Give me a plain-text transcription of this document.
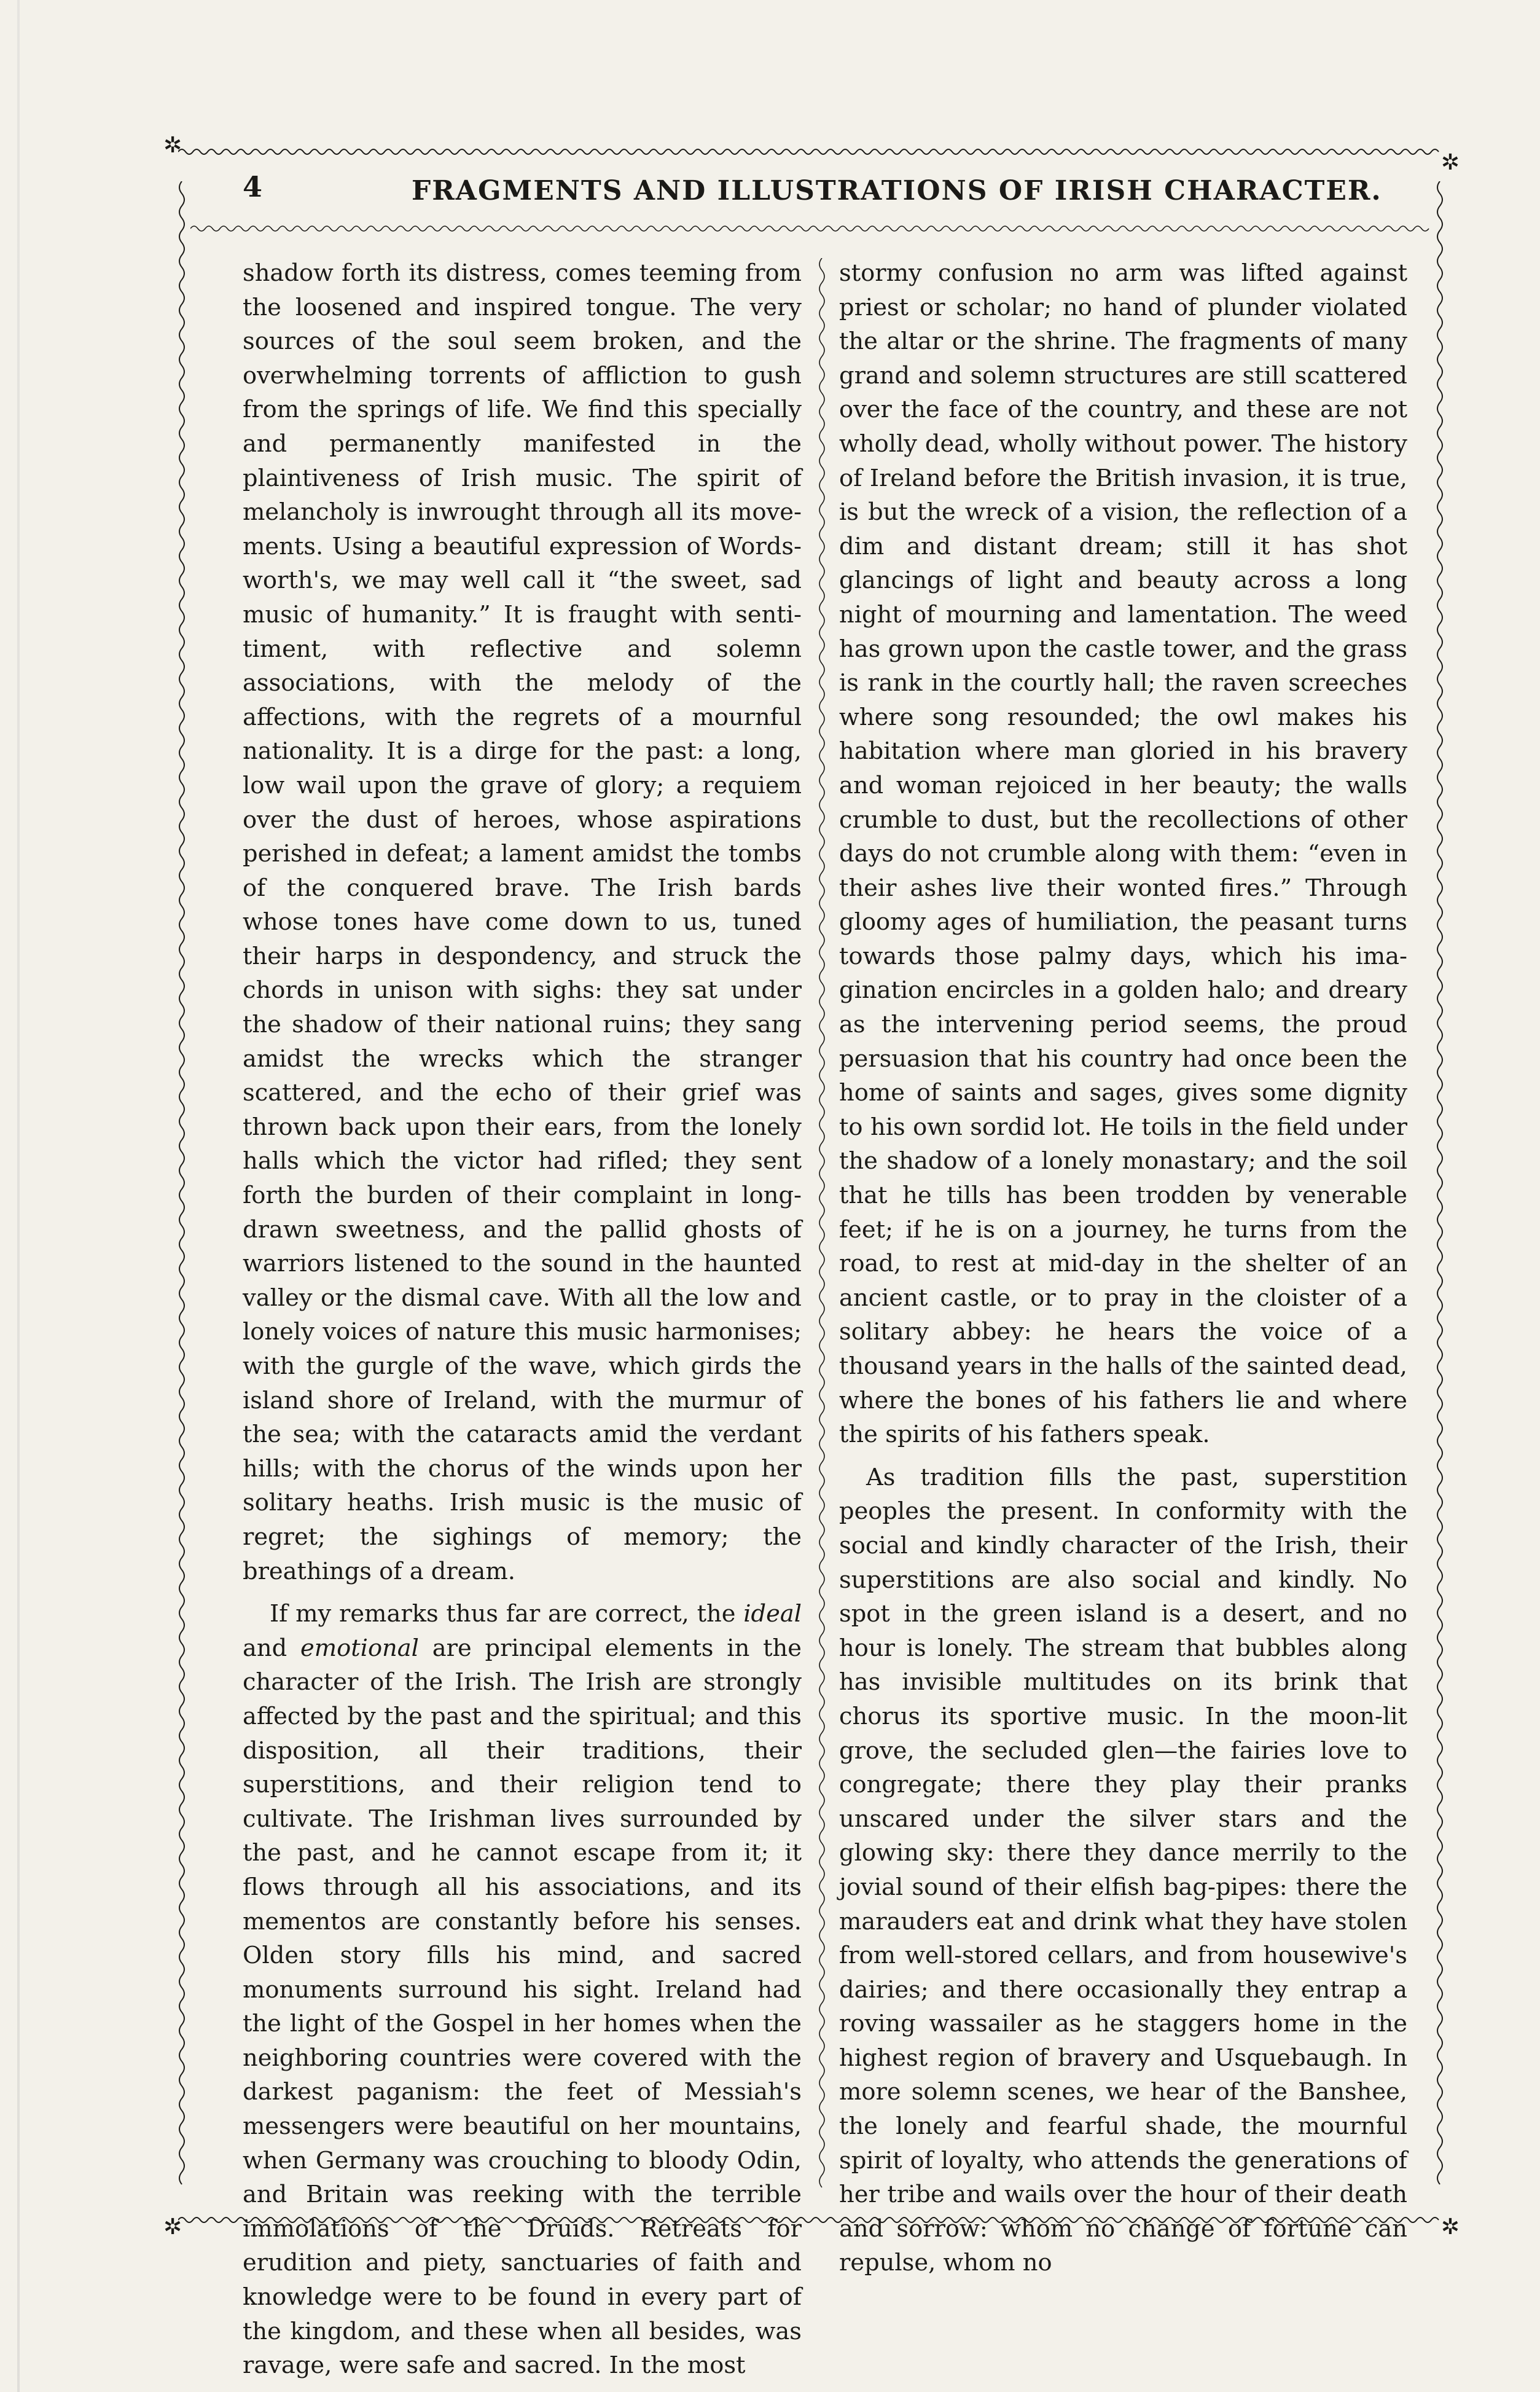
✲
✲
✲	✲
4	FRAGMENTS AND ILLUSTRATIONS OF IRISH CHARACTER.

shadow forth its distress, comes teeming from the loosened and inspired tongue. The very sources of the soul seem broken, and the overwhelming torrents of affliction to gush from the springs of life. We find this specially and permanently manifested in the plaintiveness of Irish music. The spirit of melancholy is inwrought through all its movements. Using a beautiful expression of Wordsworth's, we may well call it “the sweet, sad music of humanity.” It is fraught with sentitiment, with reflective and solemn associations, with the melody of the affections, with the regrets of a mournful nationality. It is a dirge for the past: a long, low wail upon the grave of glory; a requiem over the dust of heroes, whose aspirations perished in defeat; a lament amidst the tombs of the conquered brave. The Irish bards whose tones have come down to us, tuned their harps in despondency, and struck the chords in unison with sighs: they sat under the shadow of their national ruins; they sang amidst the wrecks which the stranger scattered, and the echo of their grief was thrown back upon their ears, from the lonely halls which the victor had rifled; they sent forth the burden of their complaint in long-drawn sweetness, and the pallid ghosts of warriors listened to the sound in the haunted valley or the dismal cave. With all the low and lonely voices of nature this music harmonises; with the gurgle of the wave, which girds the island shore of Ireland, with the murmur of the sea; with the cataracts amid the verdant hills; with the chorus of the winds upon her solitary heaths. Irish music is the music of regret; the sighings of memory; the breathings of a dream.

If my remarks thus far are correct, the ideal and emotional are principal elements in the character of the Irish. The Irish are strongly affected by the past and the spiritual; and this disposition, all their traditions, their superstitions, and their religion tend to cultivate. The Irishman lives surrounded by the past, and he cannot escape from it; it flows through all his associations, and its mementos are constantly before his senses. Olden story fills his mind, and sacred monuments surround his sight. Ireland had the light of the Gospel in her homes when the neighboring countries were covered with the darkest paganism: the feet of Messiah's messengers were beautiful on her mountains, when Germany was crouching to bloody Odin, and Britain was reeking with the terrible immolations of the Druids. Retreats for erudition and piety, sanctuaries of faith and knowledge were to be found in every part of the kingdom, and these when all besides, was ravage, were safe and sacred. In the most

stormy confusion no arm was lifted against priest or scholar; no hand of plunder violated the altar or the shrine. The fragments of many grand and solemn structures are still scattered over the face of the country, and these are not wholly dead, wholly without power. The history of Ireland before the British invasion, it is true, is but the wreck of a vision, the reflection of a dim and distant dream; still it has shot glancings of light and beauty across a long night of mourning and lamentation. The weed has grown upon the castle tower, and the grass is rank in the courtly hall; the raven screeches where song resounded; the owl makes his habitation where man gloried in his bravery and woman rejoiced in her beauty; the walls crumble to dust, but the recollections of other days do not crumble along with them: “even in their ashes live their wonted fires.” Through gloomy ages of humiliation, the peasant turns towards those palmy days, which his imagination encircles in a golden halo; and dreary as the intervening period seems, the proud persuasion that his country had once been the home of saints and sages, gives some dignity to his own sordid lot. He toils in the field under the shadow of a lonely monastary; and the soil that he tills has been trodden by venerable feet; if he is on a journey, he turns from the road, to rest at mid-day in the shelter of an ancient castle, or to pray in the cloister of a solitary abbey: he hears the voice of a thousand years in the halls of the sainted dead, where the bones of his fathers lie and where the spirits of his fathers speak.

As tradition fills the past, superstition peoples the present. In conformity with the social and kindly character of the Irish, their superstitions are also social and kindly. No spot in the green island is a desert, and no hour is lonely. The stream that bubbles along has invisible multitudes on its brink that chorus its sportive music. In the moon-lit grove, the secluded glen—the fairies love to congregate; there they play their pranks unscared under the silver stars and the glowing sky: there they dance merrily to the jovial sound of their elfish bag-pipes: there the marauders eat and drink what they have stolen from well-stored cellars, and from housewive's dairies; and there occasionally they entrap a roving wassailer as he staggers home in the highest region of bravery and Usquebaugh. In more solemn scenes, we hear of the Banshee, the lonely and fearful shade, the mournful spirit of loyalty, who attends the generations of her tribe and wails over the hour of their death and sorrow: whom no change of fortune can repulse, whom no
